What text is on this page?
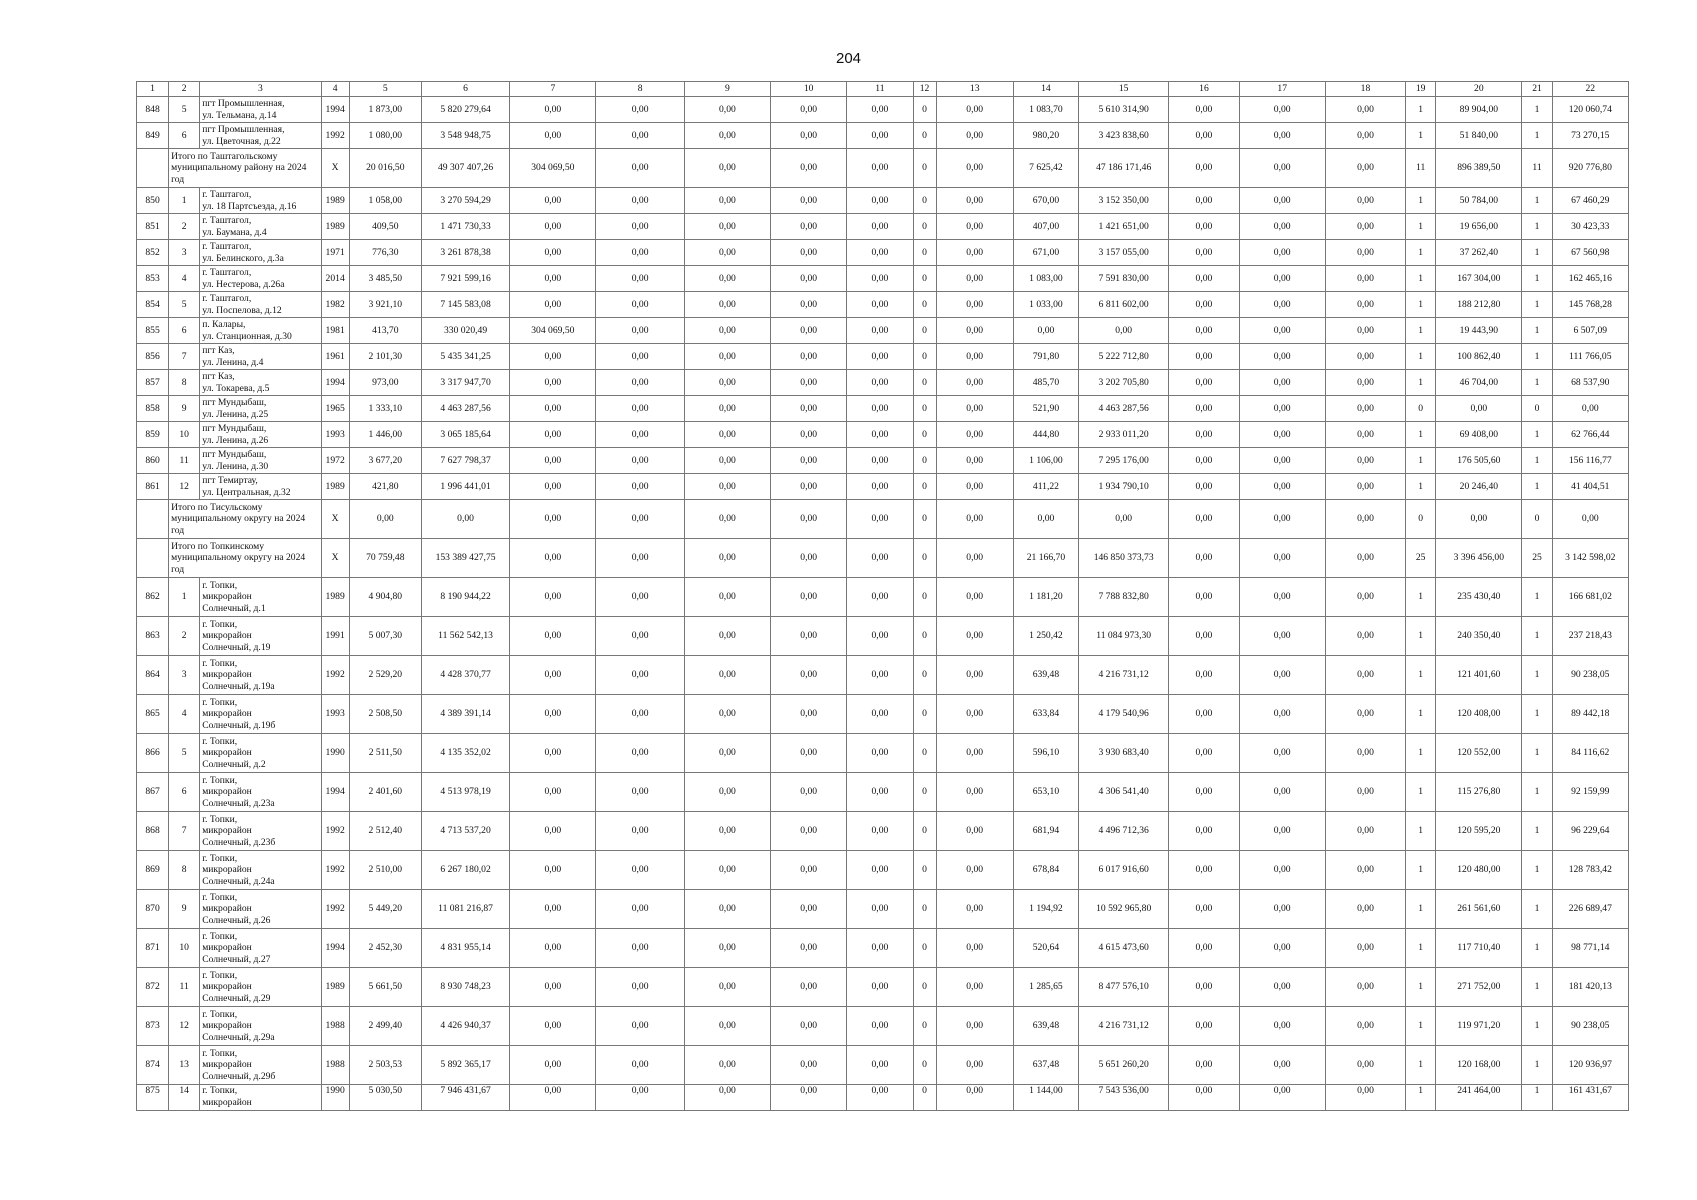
204
1	2	3	4	5	6	7	8	9	10	11	12	13	14	15	16	17	18	19	20	21	22
848	5	пгт Промышленная,
ул. Тельмана, д.14	1994	1 873,00	5 820 279,64	0,00	0,00	0,00	0,00	0,00	0	0,00	1 083,70	5 610 314,90	0,00	0,00	0,00	1	89 904,00	1	120 060,74
849	6	пгт Промышленная,
ул. Цветочная, д.22	1992	1 080,00	3 548 948,75	0,00	0,00	0,00	0,00	0,00	0	0,00	980,20	3 423 838,60	0,00	0,00	0,00	1	51 840,00	1	73 270,15
	Итого по Таштагольскому муниципальному району на 2024 год		X	20 016,50	49 307 407,26	304 069,50	0,00	0,00	0,00	0,00	0	0,00	7 625,42	47 186 171,46	0,00	0,00	0,00	11	896 389,50	11	920 776,80
850	1	г. Таштагол,
ул. 18 Партсъезда, д.16	1989	1 058,00	3 270 594,29	0,00	0,00	0,00	0,00	0,00	0	0,00	670,00	3 152 350,00	0,00	0,00	0,00	1	50 784,00	1	67 460,29
851	2	г. Таштагол,
ул. Баумана, д.4	1989	409,50	1 471 730,33	0,00	0,00	0,00	0,00	0,00	0	0,00	407,00	1 421 651,00	0,00	0,00	0,00	1	19 656,00	1	30 423,33
852	3	г. Таштагол,
ул. Белинского, д.3а	1971	776,30	3 261 878,38	0,00	0,00	0,00	0,00	0,00	0	0,00	671,00	3 157 055,00	0,00	0,00	0,00	1	37 262,40	1	67 560,98
853	4	г. Таштагол,
ул. Нестерова, д.26а	2014	3 485,50	7 921 599,16	0,00	0,00	0,00	0,00	0,00	0	0,00	1 083,00	7 591 830,00	0,00	0,00	0,00	1	167 304,00	1	162 465,16
854	5	г. Таштагол,
ул. Поспелова, д.12	1982	3 921,10	7 145 583,08	0,00	0,00	0,00	0,00	0,00	0	0,00	1 033,00	6 811 602,00	0,00	0,00	0,00	1	188 212,80	1	145 768,28
855	6	п. Калары,
ул. Станционная, д.30	1981	413,70	330 020,49	304 069,50	0,00	0,00	0,00	0,00	0	0,00	0,00	0,00	0,00	0,00	0,00	1	19 443,90	1	6 507,09
856	7	пгт Каз,
ул. Ленина, д.4	1961	2 101,30	5 435 341,25	0,00	0,00	0,00	0,00	0,00	0	0,00	791,80	5 222 712,80	0,00	0,00	0,00	1	100 862,40	1	111 766,05
857	8	пгт Каз,
ул. Токарева, д.5	1994	973,00	3 317 947,70	0,00	0,00	0,00	0,00	0,00	0	0,00	485,70	3 202 705,80	0,00	0,00	0,00	1	46 704,00	1	68 537,90
858	9	пгт Мундыбаш,
ул. Ленина, д.25	1965	1 333,10	4 463 287,56	0,00	0,00	0,00	0,00	0,00	0	0,00	521,90	4 463 287,56	0,00	0,00	0,00	0	0,00	0	0,00
859	10	пгт Мундыбаш,
ул. Ленина, д.26	1993	1 446,00	3 065 185,64	0,00	0,00	0,00	0,00	0,00	0	0,00	444,80	2 933 011,20	0,00	0,00	0,00	1	69 408,00	1	62 766,44
860	11	пгт Мундыбаш,
ул. Ленина, д.30	1972	3 677,20	7 627 798,37	0,00	0,00	0,00	0,00	0,00	0	0,00	1 106,00	7 295 176,00	0,00	0,00	0,00	1	176 505,60	1	156 116,77
861	12	пгт Темиртау,
ул. Центральная, д.32	1989	421,80	1 996 441,01	0,00	0,00	0,00	0,00	0,00	0	0,00	411,22	1 934 790,10	0,00	0,00	0,00	1	20 246,40	1	41 404,51
	Итого по Тисульскому муниципальному округу на 2024 год		X	0,00	0,00	0,00	0,00	0,00	0,00	0,00	0	0,00	0,00	0,00	0,00	0,00	0,00	0	0,00	0	0,00
	Итого по Топкинскому муниципальному округу на 2024 год		X	70 759,48	153 389 427,75	0,00	0,00	0,00	0,00	0,00	0	0,00	21 166,70	146 850 373,73	0,00	0,00	0,00	25	3 396 456,00	25	3 142 598,02
862	1	г. Топки,
микрорайон
Солнечный, д.1	1989	4 904,80	8 190 944,22	0,00	0,00	0,00	0,00	0,00	0	0,00	1 181,20	7 788 832,80	0,00	0,00	0,00	1	235 430,40	1	166 681,02
863	2	г. Топки,
микрорайон
Солнечный, д.19	1991	5 007,30	11 562 542,13	0,00	0,00	0,00	0,00	0,00	0	0,00	1 250,42	11 084 973,30	0,00	0,00	0,00	1	240 350,40	1	237 218,43
864	3	г. Топки,
микрорайон
Солнечный, д.19а	1992	2 529,20	4 428 370,77	0,00	0,00	0,00	0,00	0,00	0	0,00	639,48	4 216 731,12	0,00	0,00	0,00	1	121 401,60	1	90 238,05
865	4	г. Топки,
микрорайон
Солнечный, д.19б	1993	2 508,50	4 389 391,14	0,00	0,00	0,00	0,00	0,00	0	0,00	633,84	4 179 540,96	0,00	0,00	0,00	1	120 408,00	1	89 442,18
866	5	г. Топки,
микрорайон
Солнечный, д.2	1990	2 511,50	4 135 352,02	0,00	0,00	0,00	0,00	0,00	0	0,00	596,10	3 930 683,40	0,00	0,00	0,00	1	120 552,00	1	84 116,62
867	6	г. Топки,
микрорайон
Солнечный, д.23а	1994	2 401,60	4 513 978,19	0,00	0,00	0,00	0,00	0,00	0	0,00	653,10	4 306 541,40	0,00	0,00	0,00	1	115 276,80	1	92 159,99
868	7	г. Топки,
микрорайон
Солнечный, д.23б	1992	2 512,40	4 713 537,20	0,00	0,00	0,00	0,00	0,00	0	0,00	681,94	4 496 712,36	0,00	0,00	0,00	1	120 595,20	1	96 229,64
869	8	г. Топки,
микрорайон
Солнечный, д.24а	1992	2 510,00	6 267 180,02	0,00	0,00	0,00	0,00	0,00	0	0,00	678,84	6 017 916,60	0,00	0,00	0,00	1	120 480,00	1	128 783,42
870	9	г. Топки,
микрорайон
Солнечный, д.26	1992	5 449,20	11 081 216,87	0,00	0,00	0,00	0,00	0,00	0	0,00	1 194,92	10 592 965,80	0,00	0,00	0,00	1	261 561,60	1	226 689,47
871	10	г. Топки,
микрорайон
Солнечный, д.27	1994	2 452,30	4 831 955,14	0,00	0,00	0,00	0,00	0,00	0	0,00	520,64	4 615 473,60	0,00	0,00	0,00	1	117 710,40	1	98 771,14
872	11	г. Топки,
микрорайон
Солнечный, д.29	1989	5 661,50	8 930 748,23	0,00	0,00	0,00	0,00	0,00	0	0,00	1 285,65	8 477 576,10	0,00	0,00	0,00	1	271 752,00	1	181 420,13
873	12	г. Топки,
микрорайон
Солнечный, д.29а	1988	2 499,40	4 426 940,37	0,00	0,00	0,00	0,00	0,00	0	0,00	639,48	4 216 731,12	0,00	0,00	0,00	1	119 971,20	1	90 238,05
874	13	г. Топки,
микрорайон
Солнечный, д.29б	1988	2 503,53	5 892 365,17	0,00	0,00	0,00	0,00	0,00	0	0,00	637,48	5 651 260,20	0,00	0,00	0,00	1	120 168,00	1	120 936,97
875	14	г. Топки,
микрорайон	1990	5 030,50	7 946 431,67	0,00	0,00	0,00	0,00	0,00	0	0,00	1 144,00	7 543 536,00	0,00	0,00	0,00	1	241 464,00	1	161 431,67
